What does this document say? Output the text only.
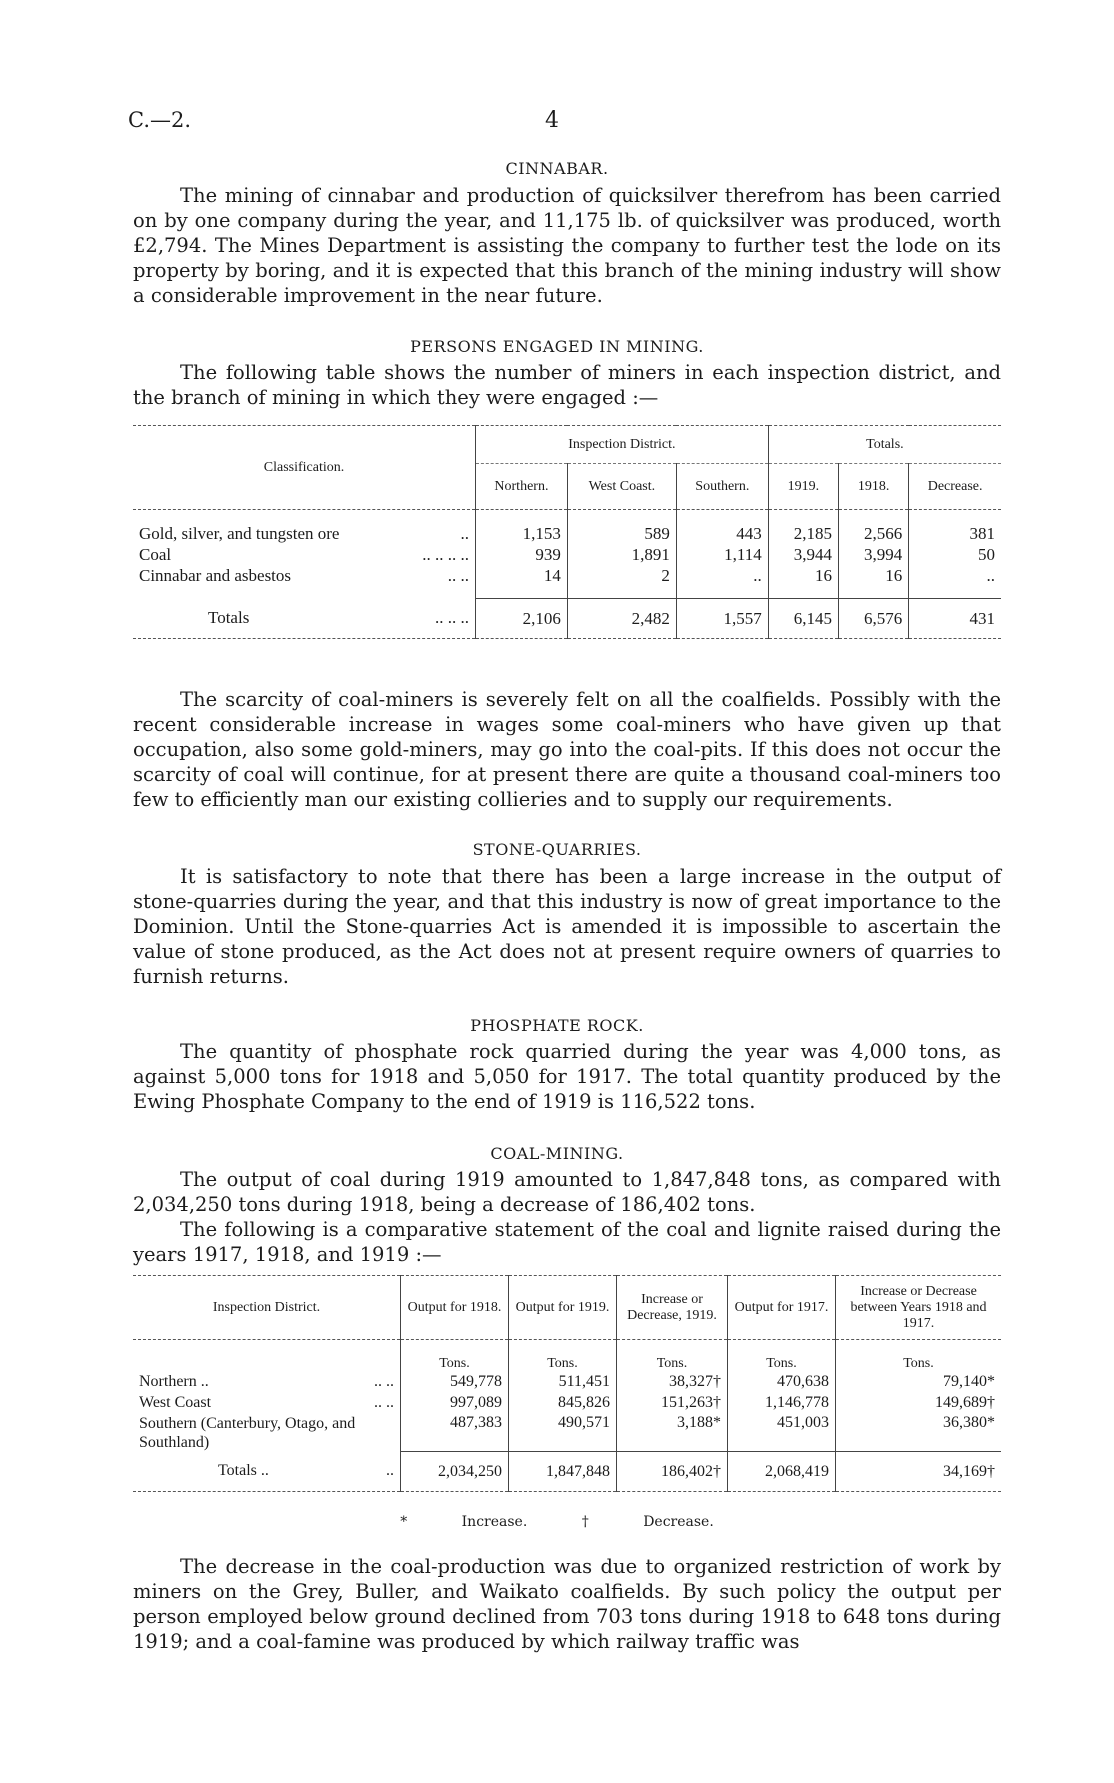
C.—2.	4
CINNABAR.

The mining of cinnabar and production of quicksilver therefrom has been carried on by one company during the year, and 11,175 lb. of quicksilver was produced, worth £2,794. The Mines Department is assisting the company to further test the lode on its property by boring, and it is expected that this branch of the mining industry will show a considerable improvement in the near future.

PERSONS ENGAGED IN MINING.

The following table shows the number of miners in each inspection district, and the branch of mining in which they were engaged :—

Classification.	Inspection District.			Totals.		
	Northern.	West Coast.	Southern.	1919.	1918.	Decrease.

Gold, silver, and tungsten ore ..	1,153	589	443	2,185	2,566	381
Coal .. .. .. ..	939	1,891	1,114	3,944	3,994	50
Cinnabar and asbestos .. ..	14	2	..	16	16	..

Totals .. .. ..	2,106	2,482	1,557	6,145	6,576	431

The scarcity of coal-miners is severely felt on all the coalfields. Possibly with the recent considerable increase in wages some coal-miners who have given up that occupation, also some gold-miners, may go into the coal-pits. If this does not occur the scarcity of coal will continue, for at present there are quite a thousand coal-miners too few to efficiently man our existing collieries and to supply our requirements.

STONE-QUARRIES.

It is satisfactory to note that there has been a large increase in the output of stone-quarries during the year, and that this industry is now of great importance to the Dominion. Until the Stone-quarries Act is amended it is impossible to ascertain the value of stone produced, as the Act does not at present require owners of quarries to furnish returns.

PHOSPHATE ROCK.

The quantity of phosphate rock quarried during the year was 4,000 tons, as against 5,000 tons for 1918 and 5,050 for 1917. The total quantity produced by the Ewing Phosphate Company to the end of 1919 is 116,522 tons.

COAL-MINING.

The output of coal during 1919 amounted to 1,847,848 tons, as compared with 2,034,250 tons during 1918, being a decrease of 186,402 tons.

The following is a comparative statement of the coal and lignite raised during the years 1917, 1918, and 1919 :—

Inspection District.	Output for 1918.	Output for 1919.	Increase or Decrease, 1919.	Output for 1917.	Increase or Decrease between Years 1918 and 1917.
	Tons.	Tons.	Tons.	Tons.	Tons.
Northern .. .. ..	549,778	511,451	38,327†	470,638	79,140*
West Coast .. ..	997,089	845,826	151,263†	1,146,778	149,689†
Southern (Canterbury, Otago, and Southland)	487,383	490,571	3,188*	451,003	36,380*
Totals .. ..	2,034,250	1,847,848	186,402†	2,068,419	34,169†
* Increase.	† Decrease.

The decrease in the coal-production was due to organized restriction of work by miners on the Grey, Buller, and Waikato coalfields. By such policy the output per person employed below ground declined from 703 tons during 1918 to 648 tons during 1919; and a coal-famine was produced by which railway traffic was
